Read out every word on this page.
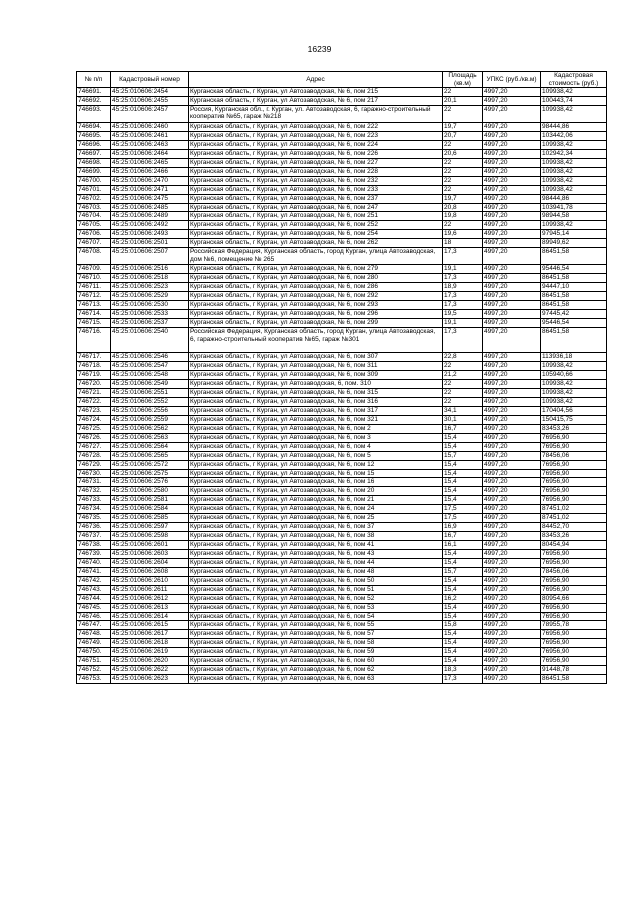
16239
№ п/п	Кадастровый номер	Адрес	Площадь (кв.м)	УПКС (руб./кв.м)	Кадастровая стоимость (руб.)
746691.	45:25:010606:2454	Курганская область, г Курган, ул Автозаводская, № 6, пом 215	22	4997,20	109938,42
746692.	45:25:010606:2455	Курганская область, г Курган, ул Автозаводская, № 6, пом 217	20,1	4997,20	100443,74
746693.	45:25:010606:2457	Россия, Курганская обл., г. Курган, ул. Автозаводская, 6, гаражно-строительный кооператив №65, гараж №218	22	4997,20	109938,42
746694.	45:25:010606:2460	Курганская область, г Курган, ул Автозаводская, № 6, пом 222	19,7	4997,20	98444,86
746695.	45:25:010606:2461	Курганская область, г Курган, ул Автозаводская, № 6, пом 223	20,7	4997,20	103442,06
746696.	45:25:010606:2463	Курганская область, г Курган, ул Автозаводская, № 6, пом 224	22	4997,20	109938,42
746697.	45:25:010606:2464	Курганская область, г Курган, ул Автозаводская, № 6, пом 226	20,6	4997,20	102942,34
746698.	45:25:010606:2465	Курганская область, г Курган, ул Автозаводская, № 6, пом 227	22	4997,20	109938,42
746699.	45:25:010606:2466	Курганская область, г Курган, ул Автозаводская, № 6, пом 228	22	4997,20	109938,42
746700.	45:25:010606:2470	Курганская область, г Курган, ул Автозаводская, № 6, пом 232	22	4997,20	109938,42
746701.	45:25:010606:2471	Курганская область, г Курган, ул Автозаводская, № 6, пом 233	22	4997,20	109938,42
746702.	45:25:010606:2475	Курганская область, г Курган, ул Автозаводская, № 6, пом 237	19,7	4997,20	98444,86
746703.	45:25:010606:2485	Курганская область, г Курган, ул Автозаводская, № 6, пом 247	20,8	4997,20	103941,78
746704.	45:25:010606:2489	Курганская область, г Курган, ул Автозаводская, № 6, пом 251	19,8	4997,20	98944,58
746705.	45:25:010606:2492	Курганская область, г Курган, ул Автозаводская, № 6, пом 252	22	4997,20	109938,42
746706.	45:25:010606:2493	Курганская область, г Курган, ул Автозаводская, № 6, пом 254	19,6	4997,20	97945,14
746707.	45:25:010606:2501	Курганская область, г Курган, ул Автозаводская, № 6, пом 262	18	4997,20	89949,62
746708.	45:25:010606:2507	Российская Федерация, Курганская область, город Курган, улица Автозаводская, дом №6, помещение № 265	17,3	4997,20	86451,58
746709.	45:25:010606:2516	Курганская область, г Курган, ул Автозаводская, № 6, пом 279	19,1	4997,20	95446,54
746710.	45:25:010606:2518	Курганская область, г Курган, ул Автозаводская, № 6, пом 280	17,3	4997,20	86451,58
746711.	45:25:010606:2523	Курганская область, г Курган, ул Автозаводская, № 6, пом 286	18,9	4997,20	94447,10
746712.	45:25:010606:2529	Курганская область, г Курган, ул Автозаводская, № 6, пом 292	17,3	4997,20	86451,58
746713.	45:25:010606:2530	Курганская область, г Курган, ул Автозаводская, № 6, пом 293	17,3	4997,20	86451,58
746714.	45:25:010606:2533	Курганская область, г Курган, ул Автозаводская, № 6, пом 296	19,5	4997,20	97445,42
746715.	45:25:010606:2537	Курганская область, г Курган, ул Автозаводская, № 6, пом 299	19,1	4997,20	95446,54
746716.	45:25:010606:2540	Российская Федерация, Курганская область, город Курган, улица Автозаводская, 6, гаражно-строительный кооператив №65, гараж №301	17,3	4997,20	86451,58
746717.	45:25:010606:2546	Курганская область, г Курган, ул Автозаводская, № 6, пом 307	22,8	4997,20	113936,18
746718.	45:25:010606:2547	Курганская область, г Курган, ул Автозаводская, № 6, пом 311	22	4997,20	109938,42
746719.	45:25:010606:2548	Курганская область, г Курган, ул Автозаводская, № 6, пом 309	21,2	4997,20	105940,66
746720.	45:25:010606:2549	Курганская область, г Курган, ул Автозаводская, 6, пом. 310	22	4997,20	109938,42
746721.	45:25:010606:2551	Курганская область, г Курган, ул Автозаводская, № 6, пом 315	22	4997,20	109938,42
746722.	45:25:010606:2552	Курганская область, г Курган, ул Автозаводская, № 6, пом 316	22	4997,20	109938,42
746723.	45:25:010606:2556	Курганская область, г Курган, ул Автозаводская, № 6, пом 317	34,1	4997,20	170404,56
746724.	45:25:010606:2559	Курганская область, г Курган, ул Автозаводская, № 6, пом 321	30,1	4997,20	150415,75
746725.	45:25:010606:2562	Курганская область, г Курган, ул Автозаводская, № 6, пом 2	16,7	4997,20	83453,26
746726.	45:25:010606:2563	Курганская область, г Курган, ул Автозаводская, № 6, пом 3	15,4	4997,20	76956,90
746727.	45:25:010606:2564	Курганская область, г Курган, ул Автозаводская, № 6, пом 4	15,4	4997,20	76956,90
746728.	45:25:010606:2565	Курганская область, г Курган, ул Автозаводская, № 6, пом 5	15,7	4997,20	78456,06
746729.	45:25:010606:2572	Курганская область, г Курган, ул Автозаводская, № 6, пом 12	15,4	4997,20	76956,90
746730.	45:25:010606:2575	Курганская область, г Курган, ул Автозаводская, № 6, пом 15	15,4	4997,20	76956,90
746731.	45:25:010606:2576	Курганская область, г Курган, ул Автозаводская, № 6, пом 16	15,4	4997,20	76956,90
746732.	45:25:010606:2580	Курганская область, г Курган, ул Автозаводская, № 6, пом 20	15,4	4997,20	76956,90
746733.	45:25:010606:2581	Курганская область, г Курган, ул Автозаводская, № 6, пом 21	15,4	4997,20	76956,90
746734.	45:25:010606:2584	Курганская область, г Курган, ул Автозаводская, № 6, пом 24	17,5	4997,20	87451,02
746735.	45:25:010606:2585	Курганская область, г Курган, ул Автозаводская, № 6, пом 25	17,5	4997,20	87451,02
746736.	45:25:010606:2597	Курганская область, г Курган, ул Автозаводская, № 6, пом 37	16,9	4997,20	84452,70
746737.	45:25:010606:2598	Курганская область, г Курган, ул Автозаводская, № 6, пом 38	16,7	4997,20	83453,26
746738.	45:25:010606:2601	Курганская область, г Курган, ул Автозаводская, № 6, пом 41	16,1	4997,20	80454,94
746739.	45:25:010606:2603	Курганская область, г Курган, ул Автозаводская, № 6, пом 43	15,4	4997,20	76956,90
746740.	45:25:010606:2604	Курганская область, г Курган, ул Автозаводская, № 6, пом 44	15,4	4997,20	76956,90
746741.	45:25:010606:2608	Курганская область, г Курган, ул Автозаводская, № 6, пом 48	15,7	4997,20	78456,06
746742.	45:25:010606:2610	Курганская область, г Курган, ул Автозаводская, № 6, пом 50	15,4	4997,20	76956,90
746743.	45:25:010606:2611	Курганская область, г Курган, ул Автозаводская, № 6, пом 51	15,4	4997,20	76956,90
746744.	45:25:010606:2612	Курганская область, г Курган, ул Автозаводская, № 6, пом 52	16,2	4997,20	80954,66
746745.	45:25:010606:2613	Курганская область, г Курган, ул Автозаводская, № 6, пом 53	15,4	4997,20	76956,90
746746.	45:25:010606:2614	Курганская область, г Курган, ул Автозаводская, № 6, пом 54	15,4	4997,20	76956,90
746747.	45:25:010606:2615	Курганская область, г Курган, ул Автозаводская, № 6, пом 55	15,8	4997,20	78955,78
746748.	45:25:010606:2617	Курганская область, г Курган, ул Автозаводская, № 6, пом 57	15,4	4997,20	76956,90
746749.	45:25:010606:2618	Курганская область, г Курган, ул Автозаводская, № 6, пом 58	15,4	4997,20	76956,90
746750.	45:25:010606:2619	Курганская область, г Курган, ул Автозаводская, № 6, пом 59	15,4	4997,20	76956,90
746751.	45:25:010606:2620	Курганская область, г Курган, ул Автозаводская, № 6, пом 60	15,4	4997,20	76956,90
746752.	45:25:010606:2622	Курганская область, г Курган, ул Автозаводская, № 6, пом 62	18,3	4997,20	91448,78
746753.	45:25:010606:2623	Курганская область, г Курган, ул Автозаводская, № 6, пом 63	17,3	4997,20	86451,58
